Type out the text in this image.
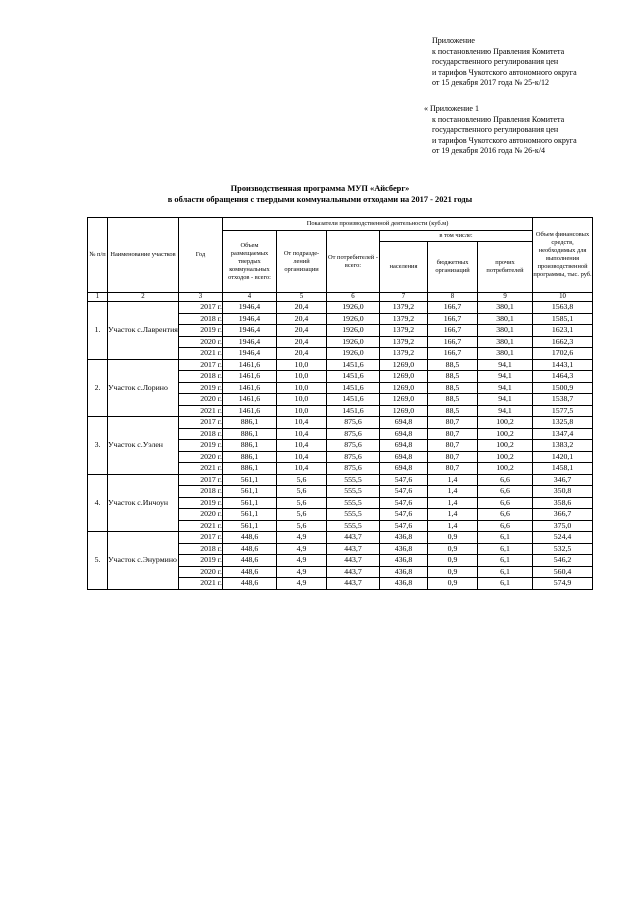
Приложение
к постановлению Правления Комитета
государственного регулирования цен
и тарифов Чукотского автономного округа
от 15 декабря 2017 года № 25-к/12
« Приложение 1
к постановлению Правления Комитета
государственного регулирования цен
и тарифов Чукотского автономного округа
от 19 декабря 2016 года № 26-к/4
Производственная программа МУП «Айсберг»
в области обращения с твердыми коммунальными отходами на 2017 - 2021 годы
№ п/п	Наименование участков	Год	Показатели производственной деятельности (куб.м)						Объем финансовых средств, необходимых для выполнения производственной программы, тыс. руб.
			Объем размещаемых твердых коммунальных отходов - всего:	От подразде-лений организации	От потребителей - всего:	в том числе:			
						населения	бюджетных организаций	прочих потребителей	
1	2	3	4	5	6	7	8	9	10
1.	Участок с.Лаврентия	2017 г.	1946,4	20,4	1926,0	1379,2	166,7	380,1	1563,8
		2018 г.	1946,4	20,4	1926,0	1379,2	166,7	380,1	1585,1
		2019 г.	1946,4	20,4	1926,0	1379,2	166,7	380,1	1623,1
		2020 г.	1946,4	20,4	1926,0	1379,2	166,7	380,1	1662,3
		2021 г.	1946,4	20,4	1926,0	1379,2	166,7	380,1	1702,6
2.	Участок с.Лорино	2017 г.	1461,6	10,0	1451,6	1269,0	88,5	94,1	1443,1
		2018 г.	1461,6	10,0	1451,6	1269,0	88,5	94,1	1464,3
		2019 г.	1461,6	10,0	1451,6	1269,0	88,5	94,1	1500,9
		2020 г.	1461,6	10,0	1451,6	1269,0	88,5	94,1	1538,7
		2021 г.	1461,6	10,0	1451,6	1269,0	88,5	94,1	1577,5
3.	Участок с.Уэлен	2017 г.	886,1	10,4	875,6	694,8	80,7	100,2	1325,8
		2018 г.	886,1	10,4	875,6	694,8	80,7	100,2	1347,4
		2019 г.	886,1	10,4	875,6	694,8	80,7	100,2	1383,2
		2020 г.	886,1	10,4	875,6	694,8	80,7	100,2	1420,1
		2021 г.	886,1	10,4	875,6	694,8	80,7	100,2	1458,1
4.	Участок с.Инчоун	2017 г.	561,1	5,6	555,5	547,6	1,4	6,6	346,7
		2018 г.	561,1	5,6	555,5	547,6	1,4	6,6	350,8
		2019 г.	561,1	5,6	555,5	547,6	1,4	6,6	358,6
		2020 г.	561,1	5,6	555,5	547,6	1,4	6,6	366,7
		2021 г.	561,1	5,6	555,5	547,6	1,4	6,6	375,0
5.	Участок с.Энурмино	2017 г.	448,6	4,9	443,7	436,8	0,9	6,1	524,4
		2018 г.	448,6	4,9	443,7	436,8	0,9	6,1	532,5
		2019 г.	448,6	4,9	443,7	436,8	0,9	6,1	546,2
		2020 г.	448,6	4,9	443,7	436,8	0,9	6,1	560,4
		2021 г.	448,6	4,9	443,7	436,8	0,9	6,1	574,9
